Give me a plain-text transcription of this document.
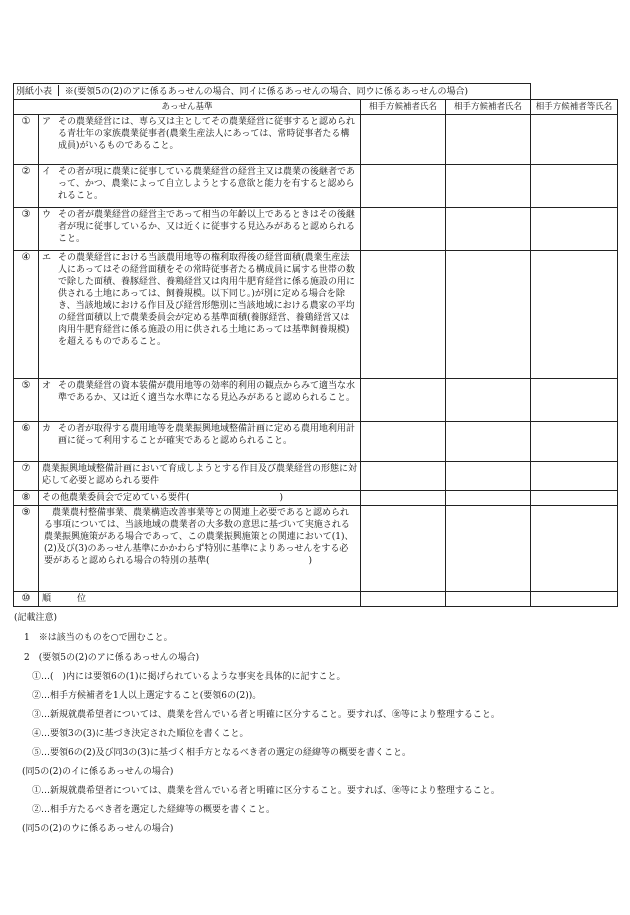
別紙小表 ※(要領5の(2)のアに係るあっせんの場合、同イに係るあっせんの場合、同ウに係るあっせんの場合)				
あっせん基準		相手方候補者氏名	相手方候補者氏名	相手方候補者等氏名
①	ア その農業経営には、専ら又は主としてその農業経営に従事すると認められる青壮年の家族農業従事者(農業生産法人にあっては、常時従事者たる構成員)がいるものであること。			

②	イ その者が現に農業に従事している農業経営の経営主又は農業の後継者であって、かつ、農業によって自立しようとする意欲と能力を有すると認められること。			

③	ウ その者が農業経営の経営主であって相当の年齢以上であるときはその後継者が現に従事しているか、又は近くに従事する見込みがあると認められること。			

④	エ その農業経営における当該農用地等の権利取得後の経営面積(農業生産法人にあってはその経営面積をその常時従事者たる構成員に属する世帯の数で除した面積、養豚経営、養鶏経営又は肉用牛肥育経営に係る施設の用に供される土地にあっては、飼養規模。以下同じ。)が別に定める場合を除き、当該地域における作目及び経営形態別に当該地域における農家の平均の経営面積以上で農業委員会が定める基準面積(養豚経営、養鶏経営又は肉用牛肥育経営に係る施設の用に供される土地にあっては基準飼養規模)を超えるものであること。			

⑤	オ その農業経営の資本装備が農用地等の効率的利用の観点からみて適当な水準であるか、又は近く適当な水準になる見込みがあると認められること。			

⑥	カ その者が取得する農用地等を農業振興地域整備計画に定める農用地利用計画に従って利用することが確実であると認められること。			

⑦	農業振興地域整備計画において育成しようとする作目及び農業経営の形態に対応して必要と認められる要件			
⑧	その他農業委員会で定めている要件(　　　　　　　　　　)			
⑨	農業農村整備事業、農業構造改善事業等との関連上必要であると認められる事項については、当該地域の農業者の大多数の意思に基づいて実施される農業振興施策がある場合であって、この農業振興施策との関連において(1)、(2)及び(3)のあっせん基準にかかわらず特別に基準によりあっせんをする必要があると認められる場合の特別の基準(　　　　　　　　　　　)			
⑩	順 位			

(記載注意)

1　※は該当のものを○で囲むこと。

2　(要領5の(2)のアに係るあっせんの場合)

①…(　)内には要領6の(1)に掲げられているような事実を具体的に記すこと。

②…相手方候補者を1人以上選定すること(要領6の(2))。

③…新規就農希望者については、農業を営んでいる者と明確に区分すること。要すれば、㊎等により整理すること。

④…要領3の(3)に基づき決定された順位を書くこと。

⑤…要領6の(2)及び同3の(3)に基づく相手方となるべき者の選定の経緯等の概要を書くこと。

(同5の(2)のイに係るあっせんの場合)

①…新規就農希望者については、農業を営んでいる者と明確に区分すること。要すれば、㊎等により整理すること。

②…相手方たるべき者を選定した経緯等の概要を書くこと。

(同5の(2)のウに係るあっせんの場合)
